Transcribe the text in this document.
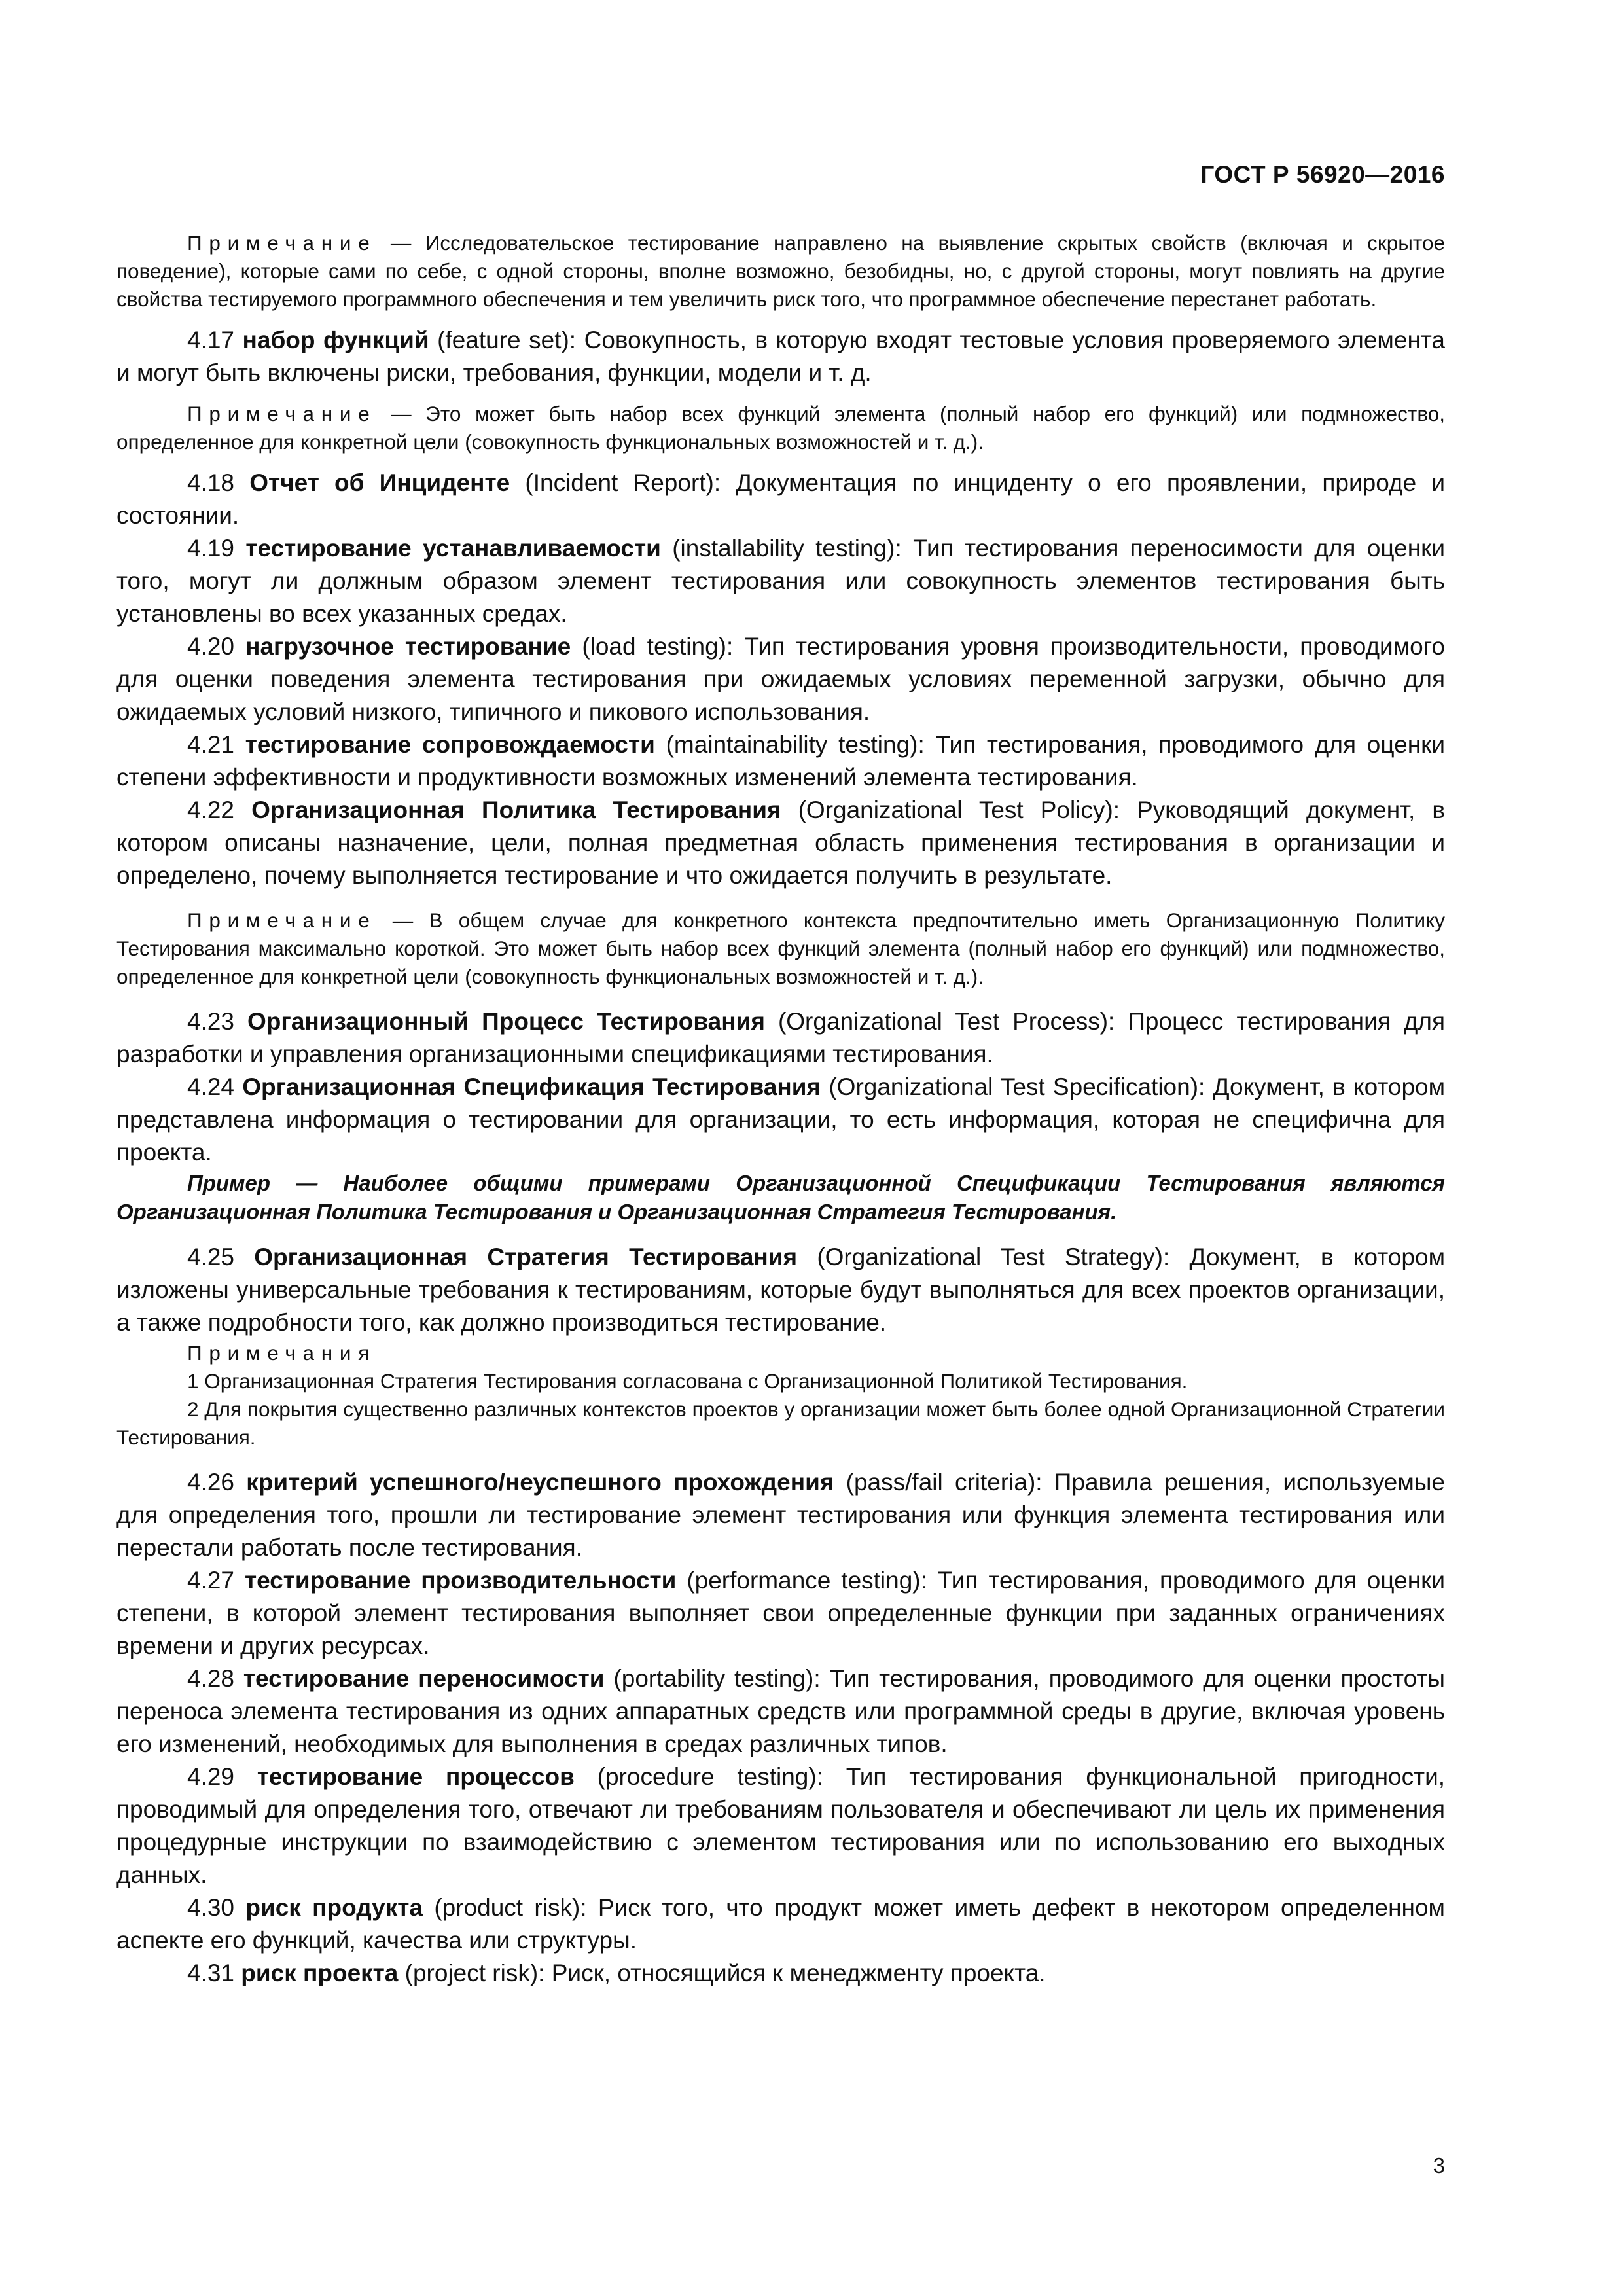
ГОСТ Р 56920—2016

Примечание — Исследовательское тестирование направлено на выявление скрытых свойств (включая и скрытое поведение), которые сами по себе, с одной стороны, вполне возможно, безобидны, но, с другой стороны, могут повлиять на другие свойства тестируемого программного обеспечения и тем увеличить риск того, что программное обеспечение перестанет работать.

4.17 набор функций (feature set): Совокупность, в которую входят тестовые условия проверяемого элемента и могут быть включены риски, требования, функции, модели и т. д.

Примечание — Это может быть набор всех функций элемента (полный набор его функций) или подмножество, определенное для конкретной цели (совокупность функциональных возможностей и т. д.).

4.18 Отчет об Инциденте (Incident Report): Документация по инциденту о его проявлении, природе и состоянии.

4.19 тестирование устанавливаемости (installability testing): Тип тестирования переносимости для оценки того, могут ли должным образом элемент тестирования или совокупность элементов тестирования быть установлены во всех указанных средах.

4.20 нагрузочное тестирование (load testing): Тип тестирования уровня производительности, проводимого для оценки поведения элемента тестирования при ожидаемых условиях переменной загрузки, обычно для ожидаемых условий низкого, типичного и пикового использования.

4.21 тестирование сопровождаемости (maintainability testing): Тип тестирования, проводимого для оценки степени эффективности и продуктивности возможных изменений элемента тестирования.

4.22 Организационная Политика Тестирования (Organizational Test Policy): Руководящий документ, в котором описаны назначение, цели, полная предметная область применения тестирования в организации и определено, почему выполняется тестирование и что ожидается получить в результате.

Примечание — В общем случае для конкретного контекста предпочтительно иметь Организационную Политику Тестирования максимально короткой. Это может быть набор всех функций элемента (полный набор его функций) или подмножество, определенное для конкретной цели (совокупность функциональных возможностей и т. д.).

4.23 Организационный Процесс Тестирования (Organizational Test Process): Процесс тестирования для разработки и управления организационными спецификациями тестирования.

4.24 Организационная Спецификация Тестирования (Organizational Test Specification): Документ, в котором представлена информация о тестировании для организации, то есть информация, которая не специфична для проекта.

Пример — Наиболее общими примерами Организационной Спецификации Тестирования являются Организационная Политика Тестирования и Организационная Стратегия Тестирования.

4.25 Организационная Стратегия Тестирования (Organizational Test Strategy): Документ, в котором изложены универсальные требования к тестированиям, которые будут выполняться для всех проектов организации, а также подробности того, как должно производиться тестирование.

Примечания

1 Организационная Стратегия Тестирования согласована с Организационной Политикой Тестирования.

2 Для покрытия существенно различных контекстов проектов у организации может быть более одной Организационной Стратегии Тестирования.

4.26 критерий успешного/неуспешного прохождения (pass/fail criteria): Правила решения, используемые для определения того, прошли ли тестирование элемент тестирования или функция элемента тестирования или перестали работать после тестирования.

4.27 тестирование производительности (performance testing): Тип тестирования, проводимого для оценки степени, в которой элемент тестирования выполняет свои определенные функции при заданных ограничениях времени и других ресурсах.

4.28 тестирование переносимости (portability testing): Тип тестирования, проводимого для оценки простоты переноса элемента тестирования из одних аппаратных средств или программной среды в другие, включая уровень его изменений, необходимых для выполнения в средах различных типов.

4.29 тестирование процессов (procedure testing): Тип тестирования функциональной пригодности, проводимый для определения того, отвечают ли требованиям пользователя и обеспечивают ли цель их применения процедурные инструкции по взаимодействию с элементом тестирования или по использованию его выходных данных.

4.30 риск продукта (product risk): Риск того, что продукт может иметь дефект в некотором определенном аспекте его функций, качества или структуры.

4.31 риск проекта (project risk): Риск, относящийся к менеджменту проекта.

3
